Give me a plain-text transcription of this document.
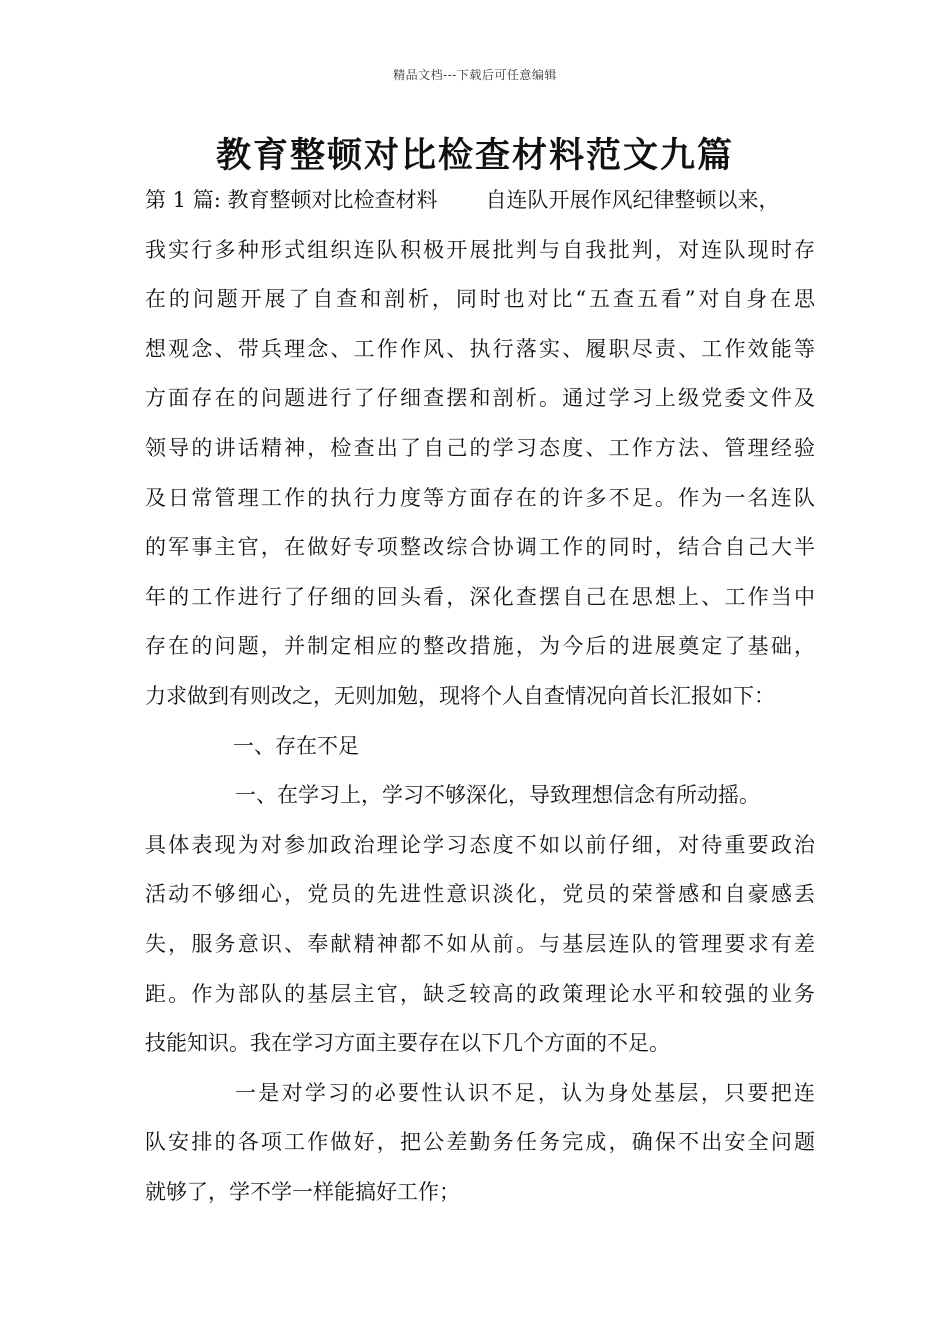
精品文档---下载后可任意编辑
教育整顿对比检查材料范文九篇
第 1 篇: 教育整顿对比检查材料 自连队开展作风纪律整顿以来，
我实行多种形式组织连队积极开展批判与自我批判，对连队现时存
在的问题开展了自查和剖析，同时也对比“五查五看”对自身在思
想观念、带兵理念、工作作风、执行落实、履职尽责、工作效能等
方面存在的问题进行了仔细查摆和剖析。通过学习上级党委文件及
领导的讲话精神，检查出了自己的学习态度、工作方法、管理经验
及日常管理工作的执行力度等方面存在的许多不足。作为一名连队
的军事主官，在做好专项整改综合协调工作的同时，结合自己大半
年的工作进行了仔细的回头看，深化查摆自己在思想上、工作当中
存在的问题，并制定相应的整改措施，为今后的进展奠定了基础，
力求做到有则改之，无则加勉，现将个人自查情况向首长汇报如下：
一、存在不足
一、在学习上，学习不够深化，导致理想信念有所动摇。
具体表现为对参加政治理论学习态度不如以前仔细，对待重要政治
活动不够细心，党员的先进性意识淡化，党员的荣誉感和自豪感丢
失，服务意识、奉献精神都不如从前。与基层连队的管理要求有差
距。作为部队的基层主官，缺乏较高的政策理论水平和较强的业务
技能知识。我在学习方面主要存在以下几个方面的不足。
一是对学习的必要性认识不足，认为身处基层，只要把连
队安排的各项工作做好，把公差勤务任务完成，确保不出安全问题
就够了，学不学一样能搞好工作；
